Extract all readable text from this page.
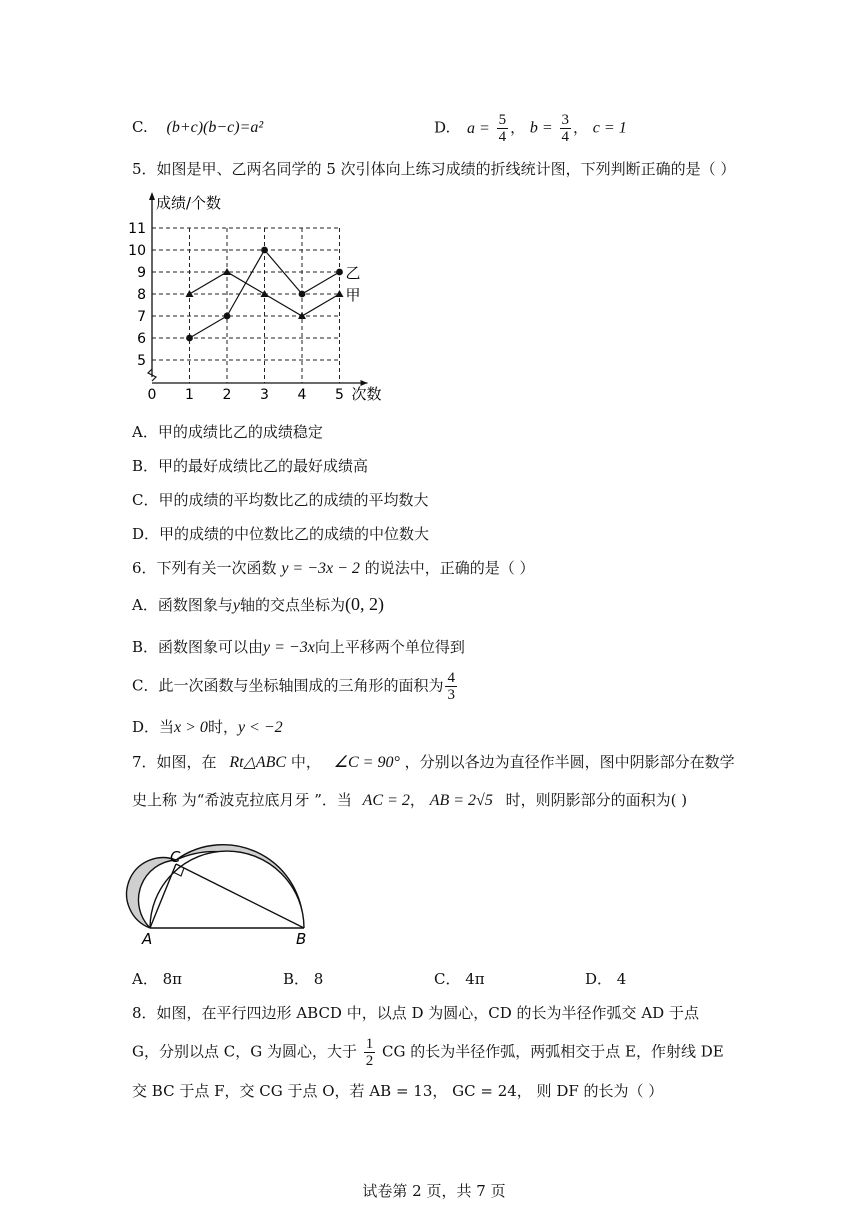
C. (b+c)(b−c)=a²	D. $a = \frac{5}{4}$ ， $b = \frac{3}{4}$ ， c = 1
5．如图是甲、乙两名同学的 5 次引体向上练习成绩的折线统计图，下列判断正确的是（ ）
5
6
7
8
9
10
11
0 1 2 3 4 5
成绩/个数
次数
乙
甲
A．甲的成绩比乙的成绩稳定
B．甲的最好成绩比乙的最好成绩高
C．甲的成绩的平均数比乙的成绩的平均数大
D．甲的成绩的中位数比乙的成绩的中位数大
6．下列有关一次函数 y = −3x − 2 的说法中，正确的是（ ）
A．函数图象与y轴的交点坐标为(0, 2)
B．函数图象可以由y = −3x向上平移两个单位得到
C．此一次函数与坐标轴围成的三角形的面积为 $\frac{4}{3}$
D．当x > 0时，y < −2
7．如图，在 Rt△ABC 中， ∠C = 90° ，分别以各边为直径作半圆，图中阴影部分在数学
史上称 为“希波克拉底月牙 ”．当 AC = 2， AB = 2√5 时，则阴影部分的面积为( )
A	B
C
A． 8π	B． 8	C． 4π	D． 4
8．如图，在平行四边形 ABCD 中，以点 D 为圆心，CD 的长为半径作弧交 AD 于点
G，分别以点 C，G 为圆心，大于 $\frac{1}{2}$ CG 的长为半径作弧，两弧相交于点 E，作射线 DE
交 BC 于点 F，交 CG 于点 O，若 AB = 13， GC = 24， 则 DF 的长为（ ）
试卷第 2 页，共 7 页
